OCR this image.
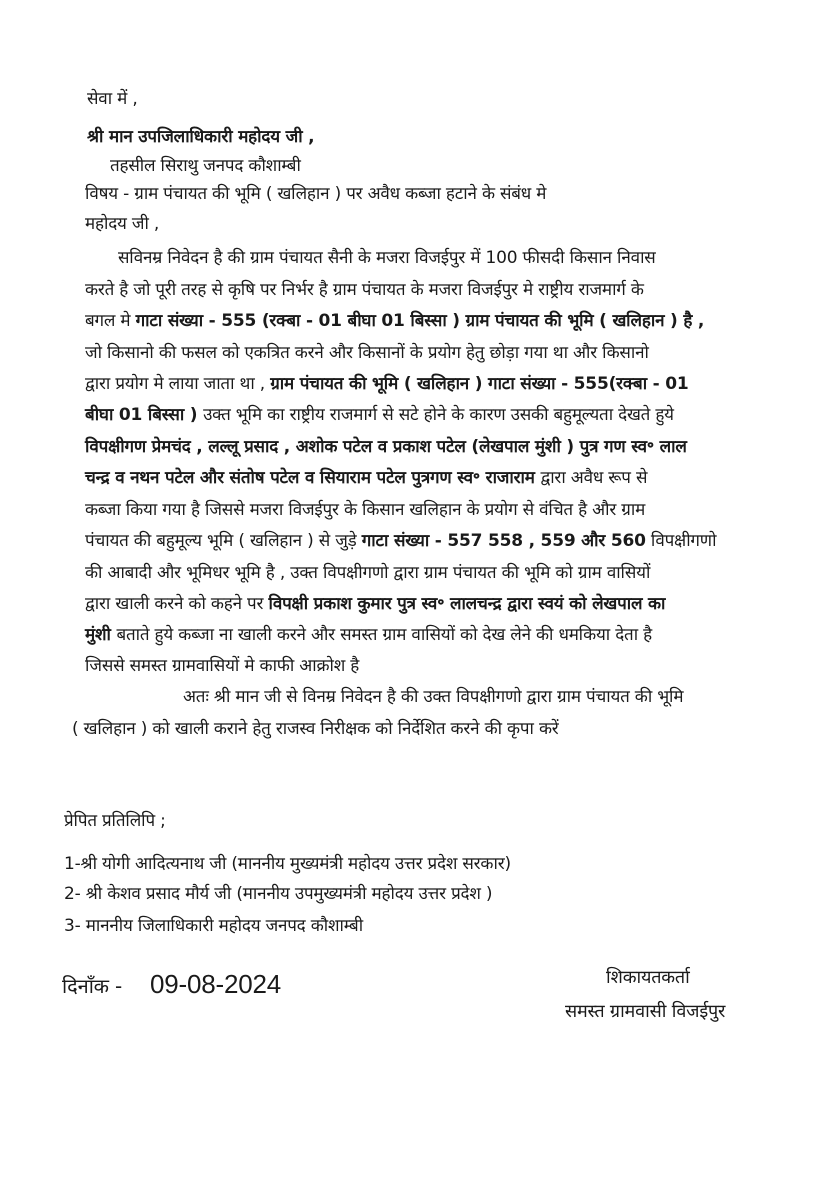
सेवा में ,
श्री मान उपजिलाधिकारी महोदय जी ,
तहसील सिराथु जनपद कौशाम्बी
विषय - ग्राम पंचायत की भूमि ( खलिहान ) पर अवैध कब्जा हटाने के संबंध मे
महोदय जी ,
सविनम्र निवेदन है की ग्राम पंचायत सैनी के मजरा विजईपुर में 100 फीसदी किसान निवास
करते है जो पूरी तरह से कृषि पर निर्भर है ग्राम पंचायत के मजरा विजईपुर मे राष्ट्रीय राजमार्ग के
बगल मे गाटा संख्या - 555 (रक्बा - 01 बीघा 01 बिस्सा ) ग्राम पंचायत की भूमि ( खलिहान ) है ,
जो किसानो की फसल को एकत्रित करने और किसानों के प्रयोग हेतु छोड़ा गया था और किसानो
द्वारा प्रयोग मे लाया जाता था , ग्राम पंचायत की भूमि ( खलिहान ) गाटा संख्या - 555(रक्बा - 01
बीघा 01 बिस्सा ) उक्त भूमि का राष्ट्रीय राजमार्ग से सटे होने के कारण उसकी बहुमूल्यता देखते हुये
विपक्षीगण प्रेमचंद , लल्लू प्रसाद , अशोक पटेल व प्रकाश पटेल (लेखपाल मुंशी ) पुत्र गण स्व॰ लाल
चन्द्र व नथन पटेल और संतोष पटेल व सियाराम पटेल पुत्रगण स्व॰ राजाराम द्वारा अवैध रूप से
कब्जा किया गया है जिससे मजरा विजईपुर के किसान खलिहान के प्रयोग से वंचित है और ग्राम
पंचायत की बहुमूल्य भूमि ( खलिहान ) से जुड़े गाटा संख्या - 557 558 , 559 और 560 विपक्षीगणो
की आबादी और भूमिधर भूमि है , उक्त विपक्षीगणो द्वारा ग्राम पंचायत की भूमि को ग्राम वासियों
द्वारा खाली करने को कहने पर विपक्षी प्रकाश कुमार पुत्र स्व॰ लालचन्द्र द्वारा स्वयं को लेखपाल का
मुंशी बताते हुये कब्जा ना खाली करने और समस्त ग्राम वासियों को देख लेने की धमकिया देता है
जिससे समस्त ग्रामवासियों मे काफी आक्रोश है
अतः श्री मान जी से विनम्र निवेदन है की उक्त विपक्षीगणो द्वारा ग्राम पंचायत की भूमि
( खलिहान ) को खाली कराने हेतु राजस्व निरीक्षक को निर्देशित करने की कृपा करें
प्रेपित प्रतिलिपि ;
1-श्री योगी आदित्यनाथ जी (माननीय मुख्यमंत्री महोदय उत्तर प्रदेश सरकार)
2- श्री केशव प्रसाद मौर्य जी (माननीय उपमुख्यमंत्री महोदय उत्तर प्रदेश )
3- माननीय जिलाधिकारी महोदय जनपद कौशाम्बी
दिनाँक - 09-08-2024	शिकायतकर्ता
समस्त ग्रामवासी विजईपुर
